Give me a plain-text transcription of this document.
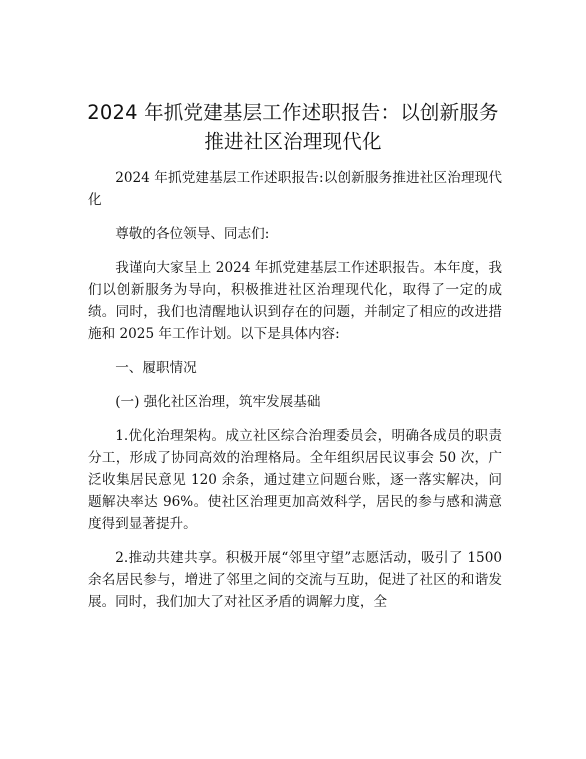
2024 年抓党建基层工作述职报告：以创新服务
推进社区治理现代化

2024 年抓党建基层工作述职报告:以创新服务推进社区治理现代化

尊敬的各位领导、同志们:

我谨向大家呈上 2024 年抓党建基层工作述职报告。本年度，我们以创新服务为导向，积极推进社区治理现代化，取得了一定的成绩。同时，我们也清醒地认识到存在的问题，并制定了相应的改进措施和 2025 年工作计划。以下是具体内容:

一、履职情况

(一) 强化社区治理，筑牢发展基础

1.优化治理架构。成立社区综合治理委员会，明确各成员的职责分工，形成了协同高效的治理格局。全年组织居民议事会 50 次，广泛收集居民意见 120 余条，通过建立问题台账，逐一落实解决，问题解决率达 96%。使社区治理更加高效科学，居民的参与感和满意度得到显著提升。

2.推动共建共享。积极开展“邻里守望”志愿活动，吸引了 1500 余名居民参与，增进了邻里之间的交流与互助，促进了社区的和谐发展。同时，我们加大了对社区矛盾的调解力度，全
